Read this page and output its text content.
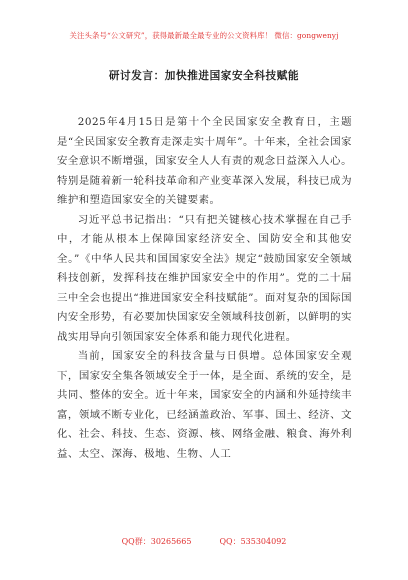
关注头条号“公文研究”，获得最新最全最专业的公文资料库！ 微信：gongwenyj
研讨发言：加快推进国家安全科技赋能

2025年4月15日是第十个全民国家安全教育日，主题是“全民国家安全教育走深走实十周年”。十年来，全社会国家安全意识不断增强，国家安全人人有责的观念日益深入人心。特别是随着新一轮科技革命和产业变革深入发展，科技已成为维护和塑造国家安全的关键要素。

习近平总书记指出：“只有把关键核心技术掌握在自己手中，才能从根本上保障国家经济安全、国防安全和其他安全。”《中华人民共和国国家安全法》规定“鼓励国家安全领域科技创新，发挥科技在维护国家安全中的作用”。党的二十届三中全会也提出“推进国家安全科技赋能”。面对复杂的国际国内安全形势，有必要加快国家安全领域科技创新，以鲜明的实战实用导向引领国家安全体系和能力现代化进程。

当前，国家安全的科技含量与日俱增。总体国家安全观下，国家安全集各领域安全于一体，是全面、系统的安全，是共同、整体的安全。近十年来，国家安全的内涵和外延持续丰富，领域不断专业化，已经涵盖政治、军事、国土、经济、文化、社会、科技、生态、资源、核、网络金融、粮食、海外利益、太空、深海、极地、生物、人工

QQ群：30265665	QQ：535304092
